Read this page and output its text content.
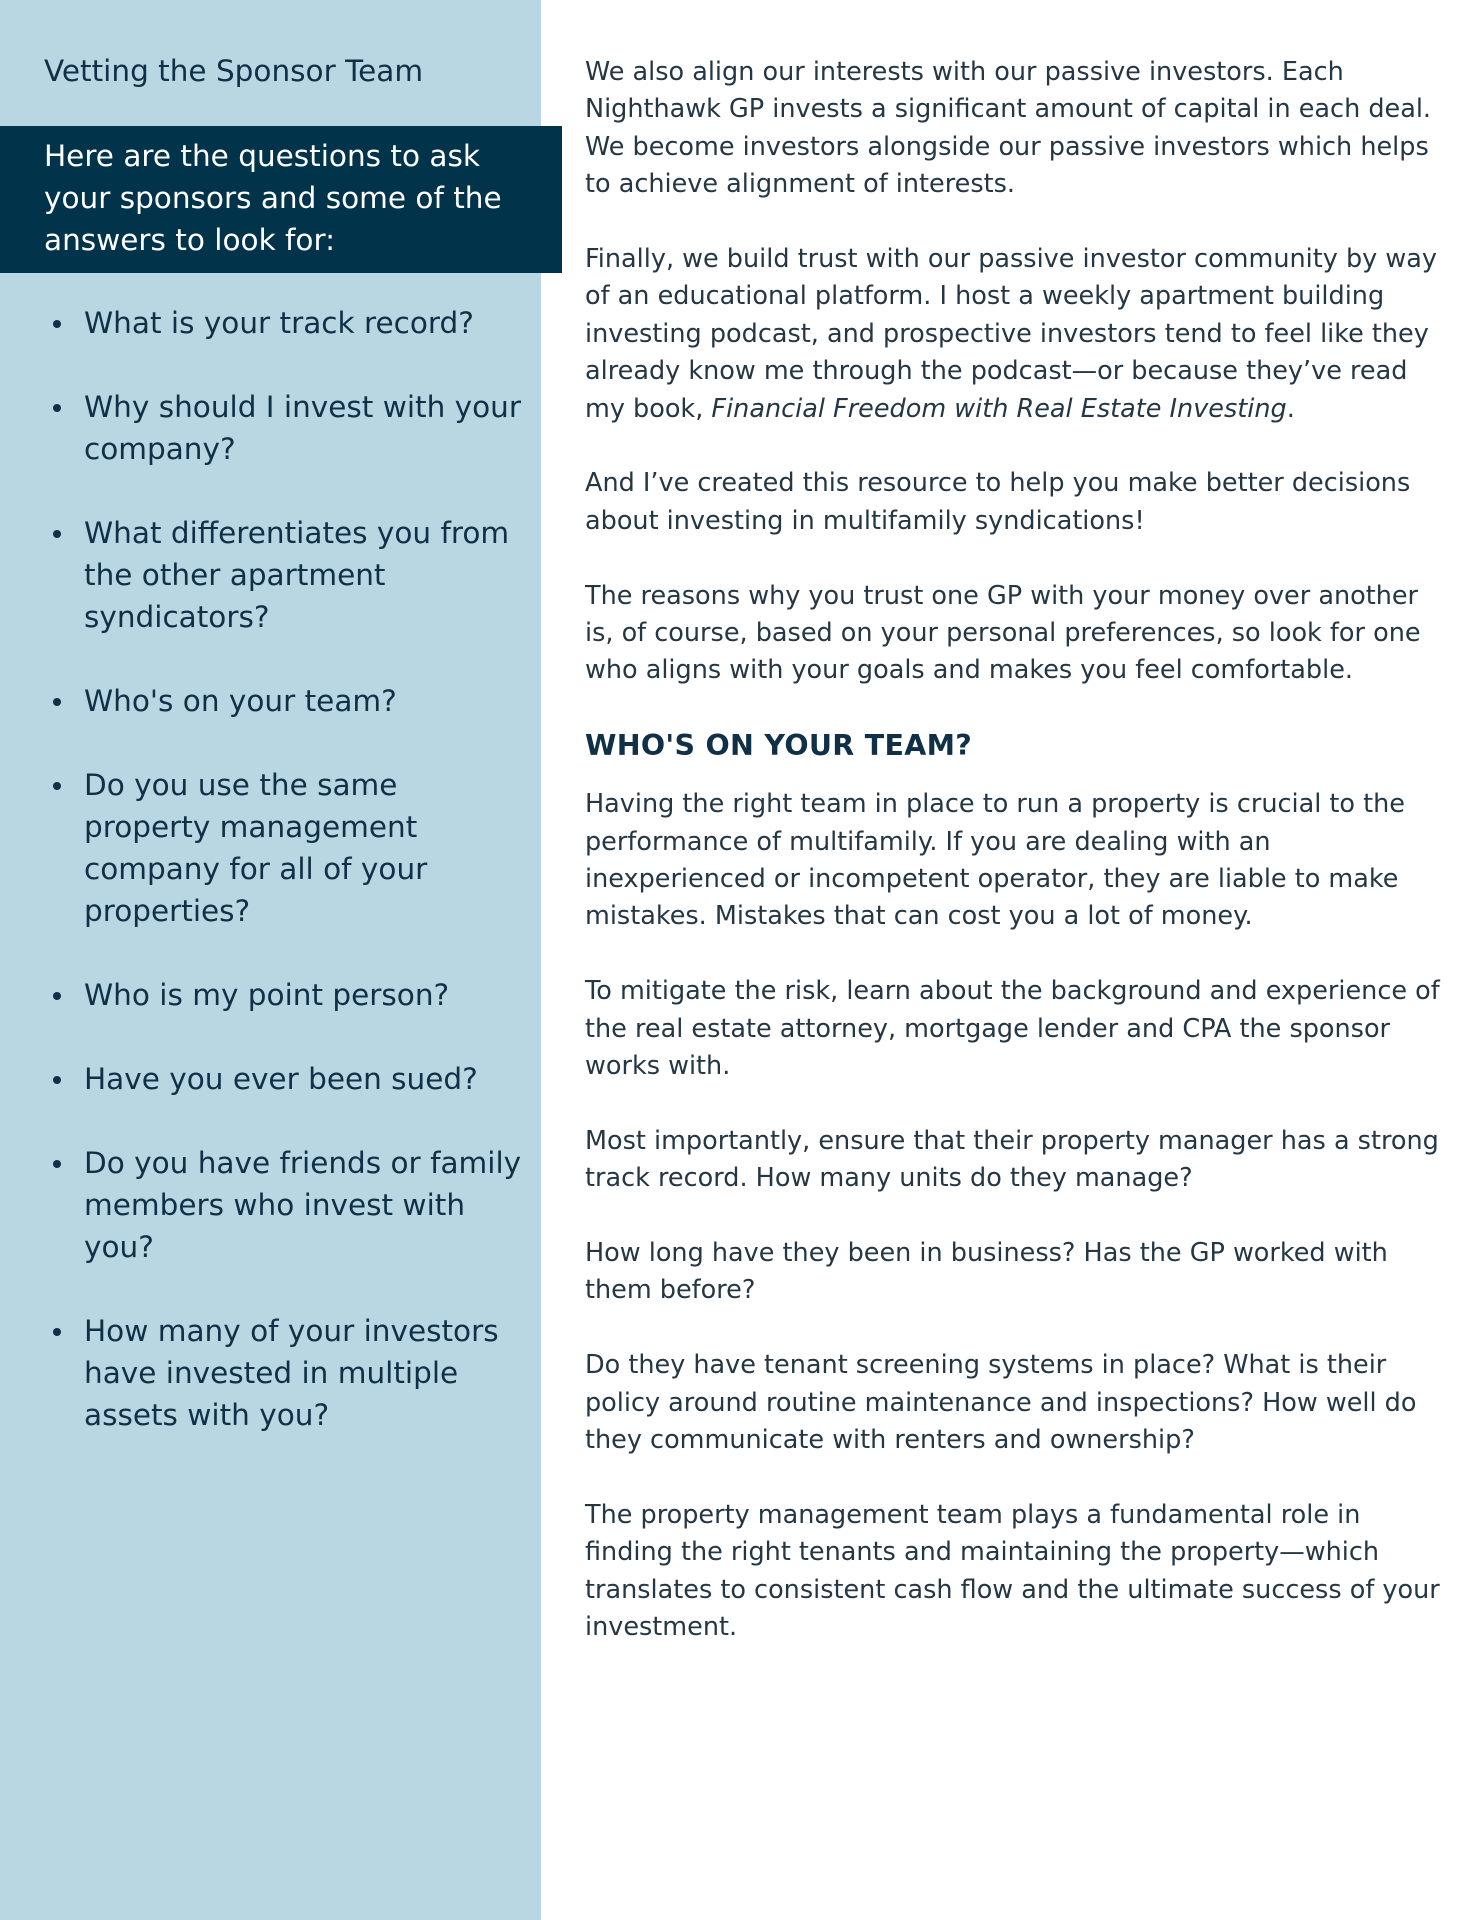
Vetting the Sponsor Team

Here are the questions to ask your sponsors and some of the answers to look for:

What is your track record?
Why should I invest with your company?
What differentiates you from the other apartment syndicators?
Who's on your team?
Do you use the same property management company for all of your properties?
Who is my point person?
Have you ever been sued?
Do you have friends or family members who invest with you?
How many of your investors have invested in multiple assets with you?

We also align our interests with our passive investors. Each Nighthawk GP invests a significant amount of capital in each deal. We become investors alongside our passive investors which helps to achieve alignment of interests.

Finally, we build trust with our passive investor community by way of an educational platform. I host a weekly apartment building investing podcast, and prospective investors tend to feel like they already know me through the podcast—or because they’ve read my book, Financial Freedom with Real Estate Investing.

And I’ve created this resource to help you make better decisions about investing in multifamily syndications!

The reasons why you trust one GP with your money over another is, of course, based on your personal preferences, so look for one who aligns with your goals and makes you feel comfortable.

WHO'S ON YOUR TEAM?

Having the right team in place to run a property is crucial to the performance of multifamily. If you are dealing with an inexperienced or incompetent operator, they are liable to make mistakes. Mistakes that can cost you a lot of money.

To mitigate the risk, learn about the background and experience of the real estate attorney, mortgage lender and CPA the sponsor works with.

Most importantly, ensure that their property manager has a strong track record. How many units do they manage?

How long have they been in business? Has the GP worked with them before?

Do they have tenant screening systems in place? What is their policy around routine maintenance and inspections? How well do they communicate with renters and ownership?

The property management team plays a fundamental role in finding the right tenants and maintaining the property—which translates to consistent cash flow and the ultimate success of your investment.
